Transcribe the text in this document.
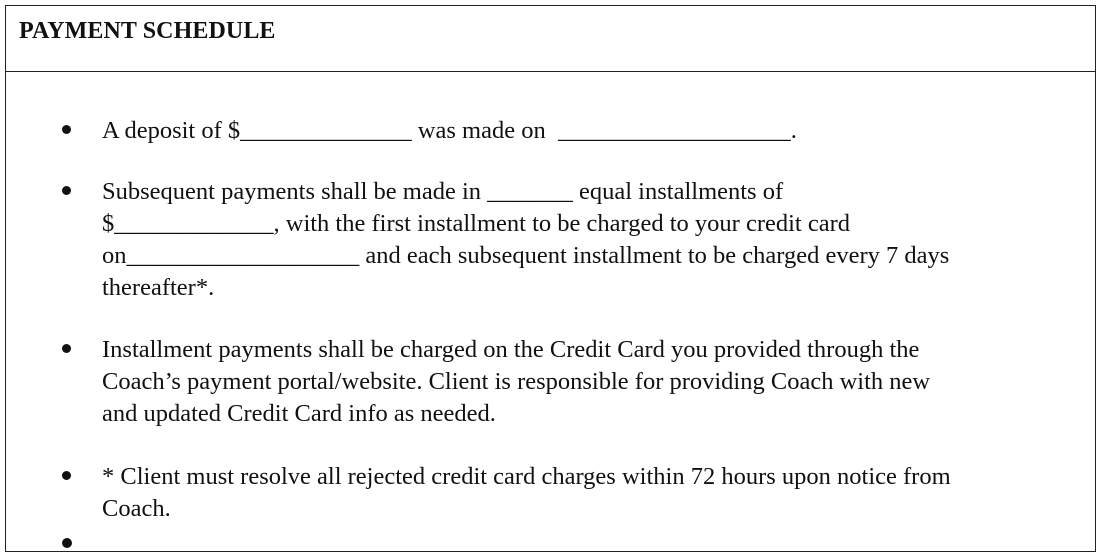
PAYMENT SCHEDULE
A deposit of $______________ was made on  ___________________.
Subsequent payments shall be made in _______ equal installments of
$_____________, with the first installment to be charged to your credit card
on___________________ and each subsequent installment to be charged every 7 days
thereafter*.
Installment payments shall be charged on the Credit Card you provided through the
Coach’s payment portal/website. Client is responsible for providing Coach with new
and updated Credit Card info as needed.
* Client must resolve all rejected credit card charges within 72 hours upon notice from
Coach.
